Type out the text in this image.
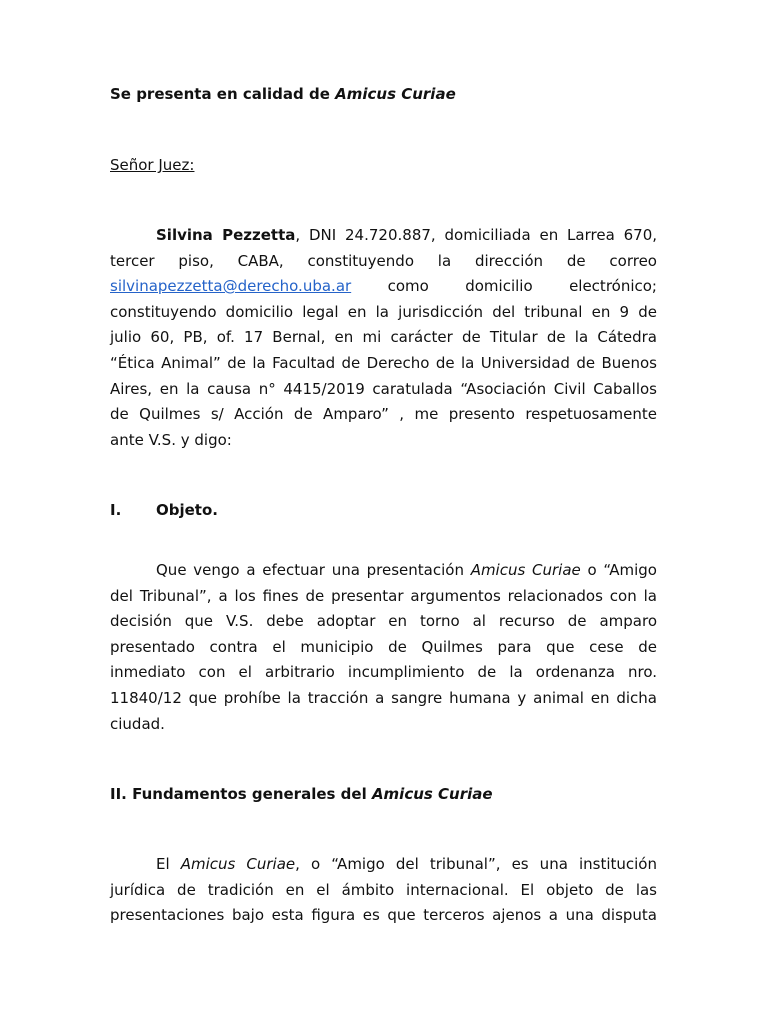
Se presenta en calidad de Amicus Curiae
Señor Juez:
Silvina Pezzetta, DNI 24.720.887, domiciliada en Larrea 670,
tercer piso, CABA, constituyendo la dirección de correo
silvinapezzetta@derecho.uba.ar como domicilio electrónico;
constituyendo domicilio legal en la jurisdicción del tribunal en 9 de
julio 60, PB, of. 17 Bernal, en mi carácter de Titular de la Cátedra
“Ética Animal” de la Facultad de Derecho de la Universidad de Buenos
Aires, en la causa n° 4415/2019 caratulada “Asociación Civil Caballos
de Quilmes s/ Acción de Amparo” , me presento respetuosamente
ante V.S. y digo:
I. Objeto.
Que vengo a efectuar una presentación Amicus Curiae o “Amigo
del Tribunal”, a los fines de presentar argumentos relacionados con la
decisión que V.S. debe adoptar en torno al recurso de amparo
presentado contra el municipio de Quilmes para que cese de
inmediato con el arbitrario incumplimiento de la ordenanza nro.
11840/12 que prohíbe la tracción a sangre humana y animal en dicha
ciudad.
II. Fundamentos generales del Amicus Curiae
El Amicus Curiae, o “Amigo del tribunal”, es una institución
jurídica de tradición en el ámbito internacional. El objeto de las
presentaciones bajo esta figura es que terceros ajenos a una disputa
